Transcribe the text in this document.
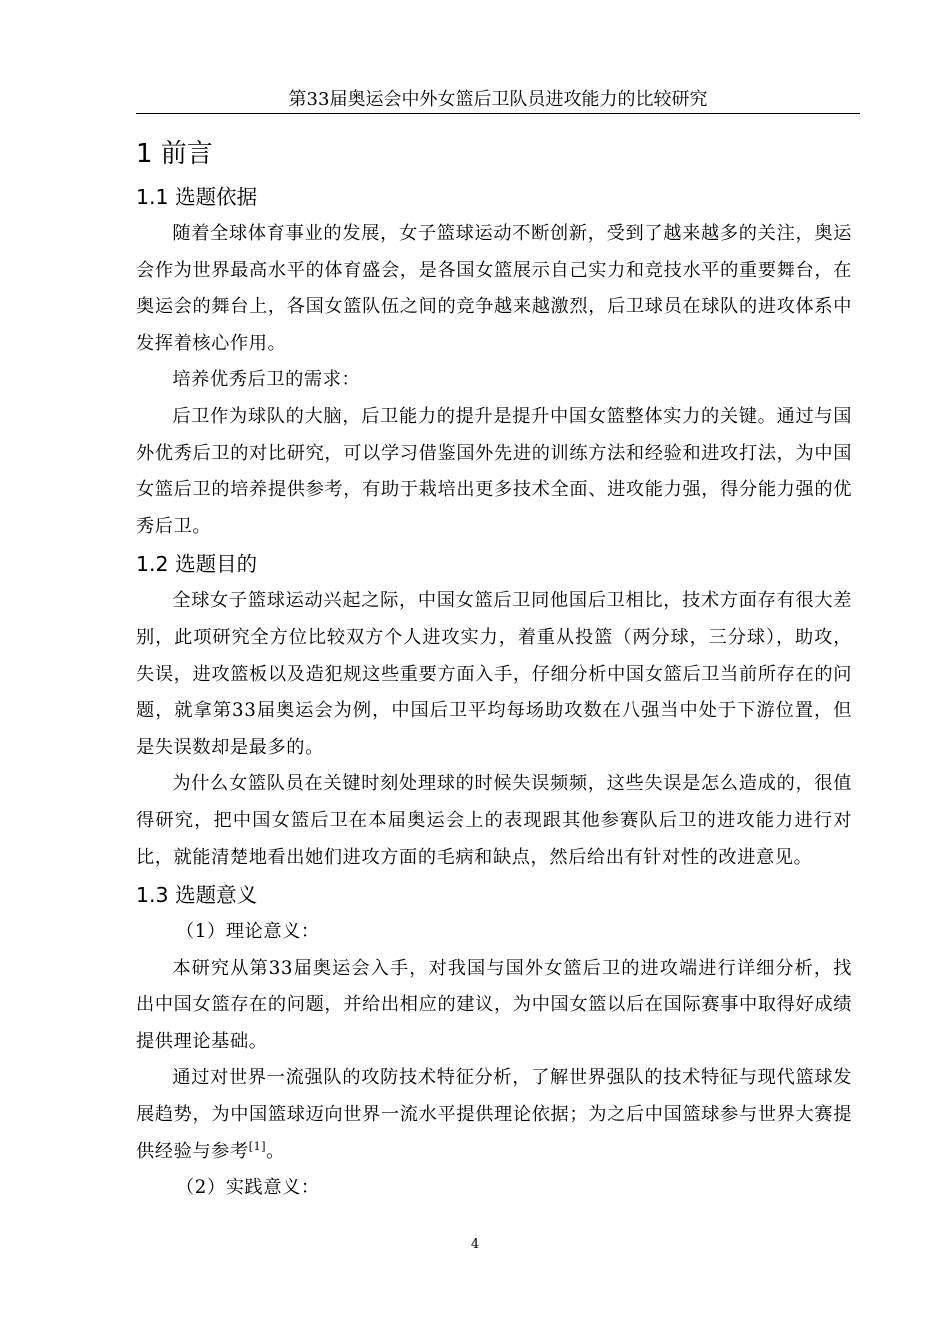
第33届奥运会中外女篮后卫队员进攻能力的比较研究
1 前言
1.1 选题依据

随着全球体育事业的发展，女子篮球运动不断创新，受到了越来越多的关注，奥运会作为世界最高水平的体育盛会，是各国女篮展示自己实力和竞技水平的重要舞台，在奥运会的舞台上，各国女篮队伍之间的竞争越来越激烈，后卫球员在球队的进攻体系中发挥着核心作用。

培养优秀后卫的需求：

后卫作为球队的大脑，后卫能力的提升是提升中国女篮整体实力的关键。通过与国外优秀后卫的对比研究，可以学习借鉴国外先进的训练方法和经验和进攻打法，为中国女篮后卫的培养提供参考，有助于栽培出更多技术全面、进攻能力强，得分能力强的优秀后卫。

1.2 选题目的

全球女子篮球运动兴起之际，中国女篮后卫同他国后卫相比，技术方面存有很大差别，此项研究全方位比较双方个人进攻实力，着重从投篮（两分球，三分球），助攻，失误，进攻篮板以及造犯规这些重要方面入手，仔细分析中国女篮后卫当前所存在的问题，就拿第33届奥运会为例，中国后卫平均每场助攻数在八强当中处于下游位置，但是失误数却是最多的。

为什么女篮队员在关键时刻处理球的时候失误频频，这些失误是怎么造成的，很值得研究，把中国女篮后卫在本届奥运会上的表现跟其他参赛队后卫的进攻能力进行对比，就能清楚地看出她们进攻方面的毛病和缺点，然后给出有针对性的改进意见。

1.3 选题意义

（1）理论意义：

本研究从第33届奥运会入手，对我国与国外女篮后卫的进攻端进行详细分析，找出中国女篮存在的问题，并给出相应的建议，为中国女篮以后在国际赛事中取得好成绩提供理论基础。

通过对世界一流强队的攻防技术特征分析，了解世界强队的技术特征与现代篮球发展趋势，为中国篮球迈向世界一流水平提供理论依据；为之后中国篮球参与世界大赛提供经验与参考[1]。

（2）实践意义：

4
